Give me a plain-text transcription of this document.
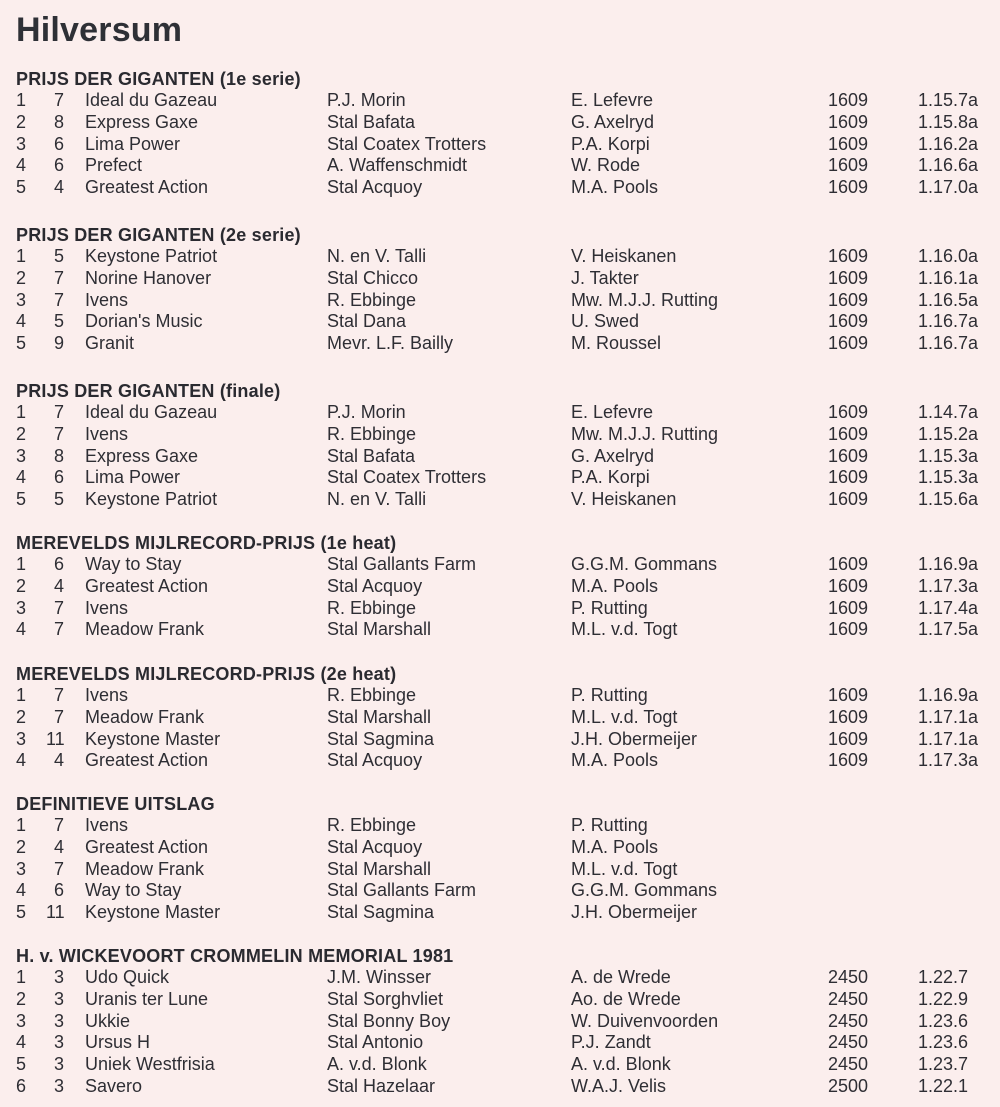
Hilversum
PRIJS DER GIGANTEN (1e serie)
1	7 Ideal du Gazeau	P.J. Morin	E. Lefevre	1609	1.15.7a
2	8 Express Gaxe	Stal Bafata	G. Axelryd	1609	1.15.8a
3	6 Lima Power	Stal Coatex Trotters	P.A. Korpi	1609	1.16.2a
4	6 Prefect	A. Waffenschmidt	W. Rode	1609	1.16.6a
5	4 Greatest Action	Stal Acquoy	M.A. Pools	1609	1.17.0a
PRIJS DER GIGANTEN (2e serie)
1	5 Keystone Patriot	N. en V. Talli	V. Heiskanen	1609	1.16.0a
2	7 Norine Hanover	Stal Chicco	J. Takter	1609	1.16.1a
3	7 Ivens	R. Ebbinge	Mw. M.J.J. Rutting	1609	1.16.5a
4	5 Dorian's Music	Stal Dana	U. Swed	1609	1.16.7a
5	9 Granit	Mevr. L.F. Bailly	M. Roussel	1609	1.16.7a
PRIJS DER GIGANTEN (finale)
1	7 Ideal du Gazeau	P.J. Morin	E. Lefevre	1609	1.14.7a
2	7 Ivens	R. Ebbinge	Mw. M.J.J. Rutting	1609	1.15.2a
3	8 Express Gaxe	Stal Bafata	G. Axelryd	1609	1.15.3a
4	6 Lima Power	Stal Coatex Trotters	P.A. Korpi	1609	1.15.3a
5	5 Keystone Patriot	N. en V. Talli	V. Heiskanen	1609	1.15.6a
MEREVELDS MIJLRECORD-PRIJS (1e heat)
1	6 Way to Stay	Stal Gallants Farm	G.G.M. Gommans	1609	1.16.9a
2	4 Greatest Action	Stal Acquoy	M.A. Pools	1609	1.17.3a
3	7 Ivens	R. Ebbinge	P. Rutting	1609	1.17.4a
4	7 Meadow Frank	Stal Marshall	M.L. v.d. Togt	1609	1.17.5a
MEREVELDS MIJLRECORD-PRIJS (2e heat)
1	7 Ivens	R. Ebbinge	P. Rutting	1609	1.16.9a
2	7 Meadow Frank	Stal Marshall	M.L. v.d. Togt	1609	1.17.1a
3 11 Keystone Master	Stal Sagmina	J.H. Obermeijer	1609	1.17.1a
4	4 Greatest Action	Stal Acquoy	M.A. Pools	1609	1.17.3a
DEFINITIEVE UITSLAG
1	7 Ivens	R. Ebbinge	P. Rutting
2	4 Greatest Action	Stal Acquoy	M.A. Pools
3	7 Meadow Frank	Stal Marshall	M.L. v.d. Togt
4	6 Way to Stay	Stal Gallants Farm	G.G.M. Gommans
5 11 Keystone Master	Stal Sagmina	J.H. Obermeijer
H. v. WICKEVOORT CROMMELIN MEMORIAL 1981
1	3 Udo Quick	J.M. Winsser	A. de Wrede	2450	1.22.7
2	3 Uranis ter Lune	Stal Sorghvliet	Ao. de Wrede	2450	1.22.9
3	3 Ukkie	Stal Bonny Boy	W. Duivenvoorden	2450	1.23.6
4	3 Ursus H	Stal Antonio	P.J. Zandt	2450	1.23.6
5	3 Uniek Westfrisia	A. v.d. Blonk	A. v.d. Blonk	2450	1.23.7
6	3 Savero	Stal Hazelaar	W.A.J. Velis	2500	1.22.1
